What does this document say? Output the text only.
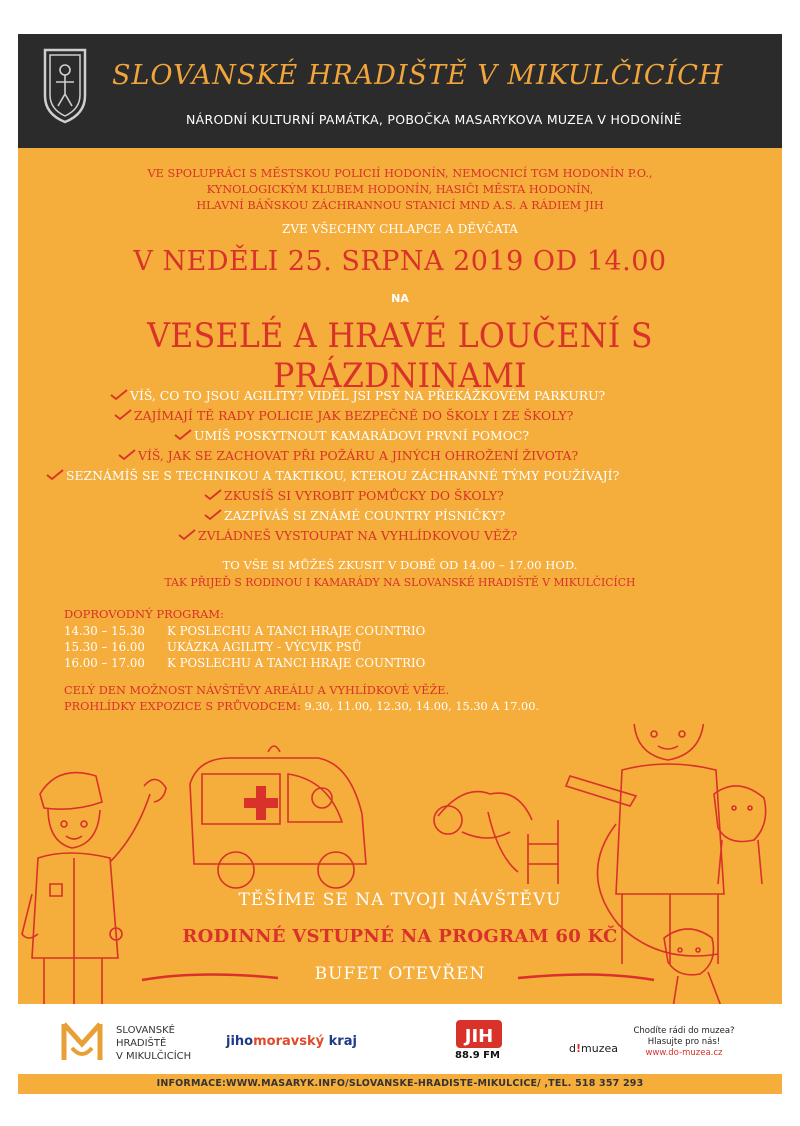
SLOVANSKÉ HRADIŠTĚ V MIKULČICÍCH
NÁRODNÍ KULTURNÍ PAMÁTKA, POBOČKA MASARYKOVA MUZEA V HODONÍNĚ
VE SPOLUPRÁCI S MĚSTSKOU POLICIÍ HODONÍN, NEMOCNICÍ TGM HODONÍN P.O.,
KYNOLOGICKÝM KLUBEM HODONÍN, HASIČI MĚSTA HODONÍN,
HLAVNÍ BÁŇSKOU ZÁCHRANNOU STANICÍ MND A.S. A RÁDIEM JIH
ZVE VŠECHNY CHLAPCE A DĚVČATA
V NEDĚLI 25. SRPNA 2019 OD 14.00
NA
VESELÉ A HRAVÉ LOUČENÍ S PRÁZDNINAMI
VÍŠ, CO TO JSOU AGILITY? VIDĚL JSI PSY NA PŘEKÁŽKOVÉM PARKURU?
ZAJÍMAJÍ TĚ RADY POLICIE JAK BEZPEČNĚ DO ŠKOLY I ZE ŠKOLY?
UMÍŠ POSKYTNOUT KAMARÁDOVI PRVNÍ POMOC?
VÍŠ, JAK SE ZACHOVAT PŘI POŽÁRU A JINÝCH OHROŽENÍ ŽIVOTA?
SEZNÁMÍŠ SE S TECHNIKOU A TAKTIKOU, KTEROU ZÁCHRANNÉ TÝMY POUŽÍVAJÍ?
ZKUSÍŠ SI VYROBIT POMŮCKY DO ŠKOLY?
ZAZPÍVÁŠ SI ZNÁMÉ COUNTRY PÍSNIČKY?
ZVLÁDNEŠ VYSTOUPAT NA VYHLÍDKOVOU VĚŽ?
TO VŠE SI MŮŽEŠ ZKUSIT V DOBĚ OD 14.00 – 17.00 HOD.
TAK PŘIJEĎ S RODINOU I KAMARÁDY NA SLOVANSKÉ HRADIŠTĚ V MIKULČICÍCH
DOPROVODNÝ PROGRAM:
14.30 – 15.30 K POSLECHU A TANCI HRAJE COUNTRIO
15.30 – 16.00 UKÁZKA AGILITY - VÝCVIK PSŮ
16.00 – 17.00 K POSLECHU A TANCI HRAJE COUNTRIO
CELÝ DEN MOŽNOST NÁVŠTĚVY AREÁLU A VYHLÍDKOVÉ VĚŽE.
PROHLÍDKY EXPOZICE S PRŮVODCEM: 9.30, 11.00, 12.30, 14.00, 15.30 A 17.00.
TĚŠÍME SE NA TVOJI NÁVŠTĚVU
RODINNÉ VSTUPNÉ NA PROGRAM 60 KČ
BUFET OTEVŘEN
SLOVANSKÉ
HRADIŠTĚ
V MIKULČICÍCH
jihomoravský kraj	JIH
88.9 FM
d!muzea
Chodíte rádi do muzea?
Hlasujte pro nás!
www.do-muzea.cz
INFORMACE:WWW.MASARYK.INFO/SLOVANSKE-HRADISTE-MIKULCICE/ ,TEL. 518 357 293
